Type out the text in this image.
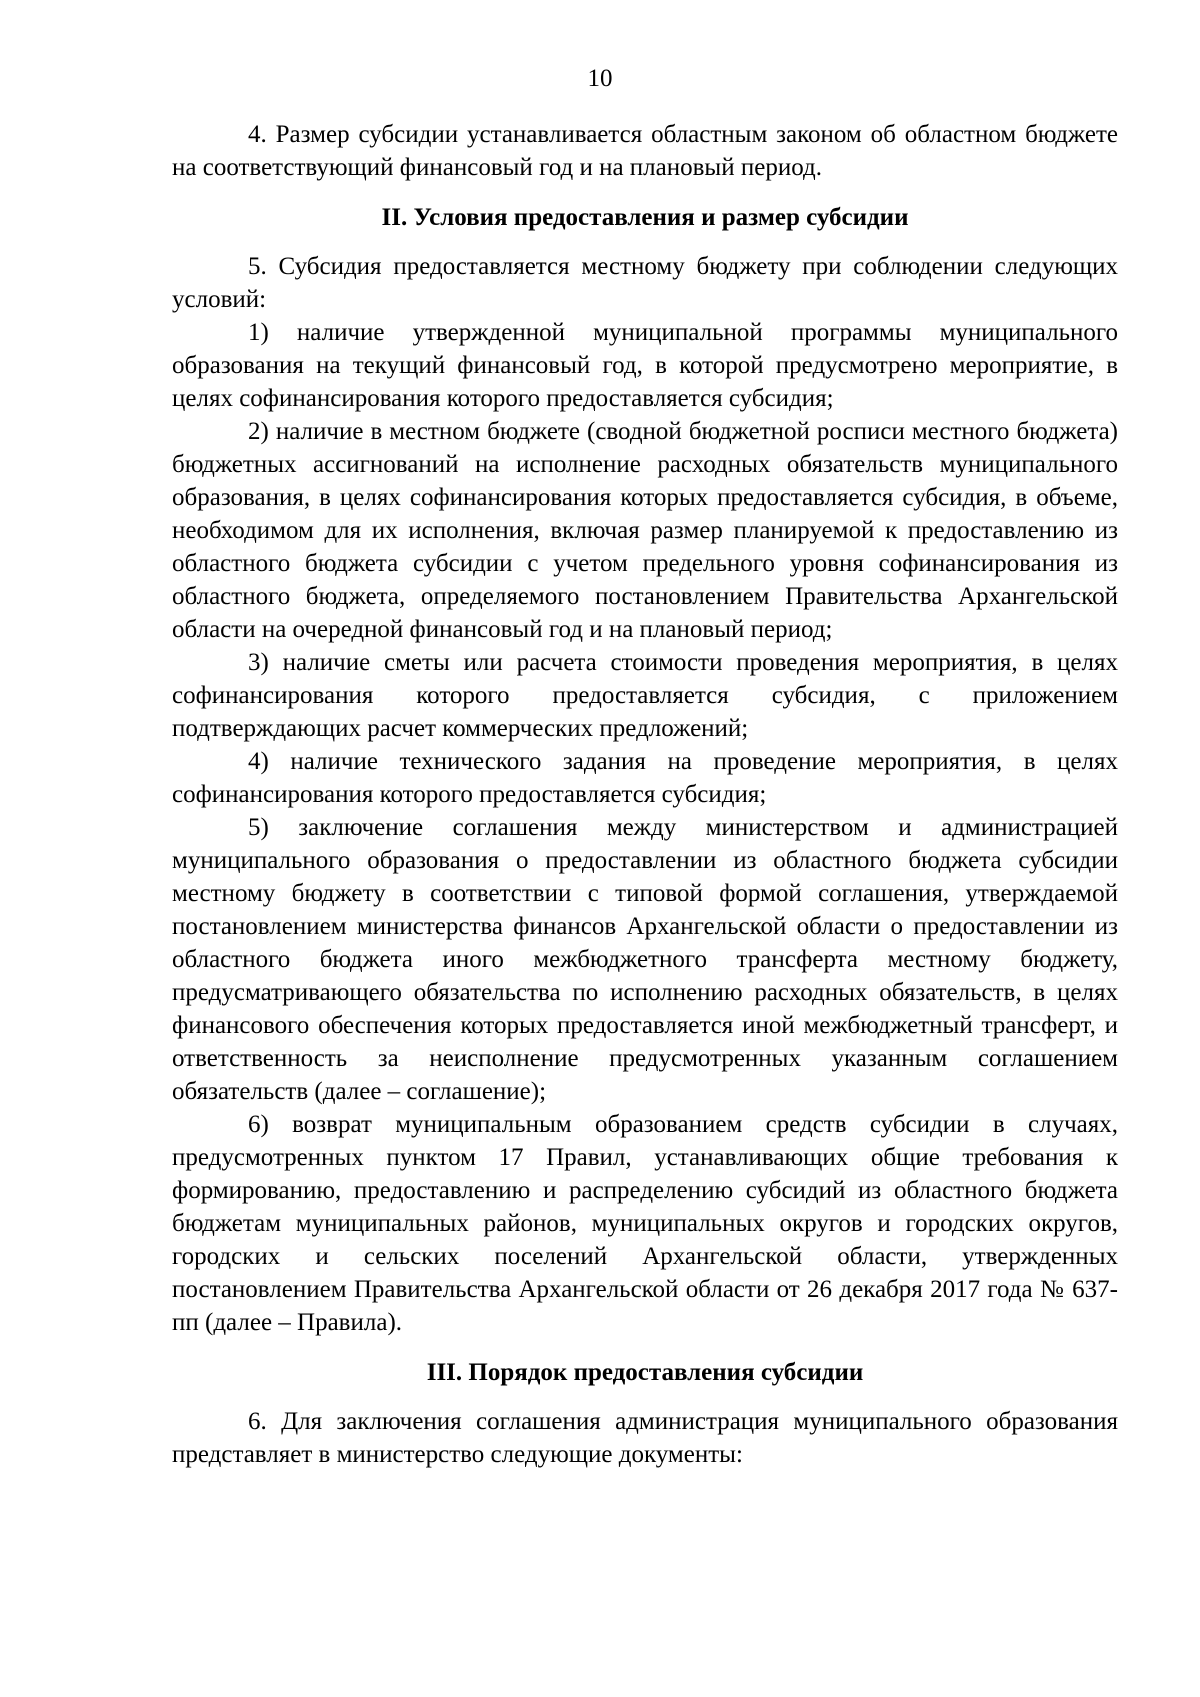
10

4. Размер субсидии устанавливается областным законом об областном бюджете на соответствующий финансовый год и на плановый период.

II. Условия предоставления и размер субсидии

5. Субсидия предоставляется местному бюджету при соблюдении следующих условий:

1) наличие утвержденной муниципальной программы муниципального образования на текущий финансовый год, в которой предусмотрено мероприятие, в целях софинансирования которого предоставляется субсидия;

2) наличие в местном бюджете (сводной бюджетной росписи местного бюджета) бюджетных ассигнований на исполнение расходных обязательств муниципального образования, в целях софинансирования которых предоставляется субсидия, в объеме, необходимом для их исполнения, включая размер планируемой к предоставлению из областного бюджета субсидии с учетом предельного уровня софинансирования из областного бюджета, определяемого постановлением Правительства Архангельской области на очередной финансовый год и на плановый период;

3) наличие сметы или расчета стоимости проведения мероприятия, в целях софинансирования которого предоставляется субсидия, с приложением подтверждающих расчет коммерческих предложений;

4) наличие технического задания на проведение мероприятия, в целях софинансирования которого предоставляется субсидия;

5) заключение соглашения между министерством и администрацией муниципального образования о предоставлении из областного бюджета субсидии местному бюджету в соответствии с типовой формой соглашения, утверждаемой постановлением министерства финансов Архангельской области о предоставлении из областного бюджета иного межбюджетного трансферта местному бюджету, предусматривающего обязательства по исполнению расходных обязательств, в целях финансового обеспечения которых предоставляется иной межбюджетный трансферт, и ответственность за неисполнение предусмотренных указанным соглашением обязательств (далее – соглашение);

6) возврат муниципальным образованием средств субсидии в случаях, предусмотренных пунктом 17 Правил, устанавливающих общие требования к формированию, предоставлению и распределению субсидий из областного бюджета бюджетам муниципальных районов, муниципальных округов и городских округов, городских и сельских поселений Архангельской области, утвержденных постановлением Правительства Архангельской области от 26 декабря 2017 года № 637-пп (далее – Правила).

III. Порядок предоставления субсидии

6. Для заключения соглашения администрация муниципального образования представляет в министерство следующие документы:
